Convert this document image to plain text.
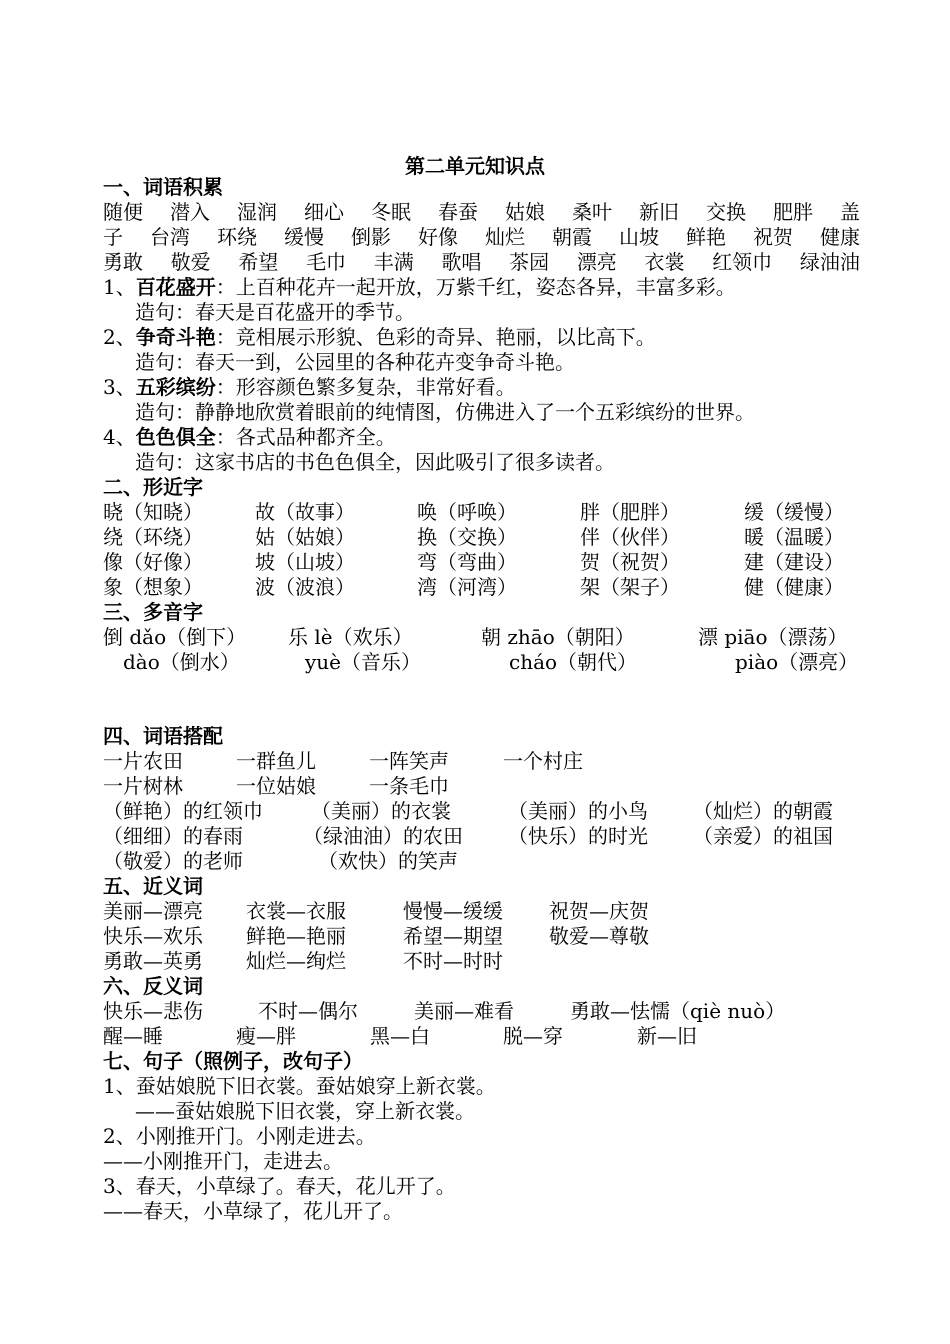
第二单元知识点
一、词语积累
随便 潜入 湿润 细心 冬眠 春蚕 姑娘 桑叶 新旧 交换 肥胖 盖
子 台湾 环绕 缓慢 倒影 好像 灿烂 朝霞 山坡 鲜艳 祝贺 健康
勇敢 敬爱 希望 毛巾 丰满 歌唱 茶园 漂亮 衣裳 红领巾 绿油油
1、百花盛开：上百种花卉一起开放，万紫千红，姿态各异，丰富多彩。
造句：春天是百花盛开的季节。
2、争奇斗艳：竞相展示形貌、色彩的奇异、艳丽，以比高下。
造句：春天一到，公园里的各种花卉变争奇斗艳。
3、五彩缤纷：形容颜色繁多复杂，非常好看。
造句：静静地欣赏着眼前的纯情图，仿佛进入了一个五彩缤纷的世界。
4、色色俱全：各式品种都齐全。
造句：这家书店的书色色俱全，因此吸引了很多读者。
二、形近字
晓（知晓）	故（故事）	唤（呼唤）	胖（肥胖）	缓（缓慢）
绕（环绕）	姑（姑娘）	换（交换）	伴（伙伴）	暖（温暖）
像（好像）	坡（山坡）	弯（弯曲）	贺（祝贺）	建（建设）
象（想象）	波（波浪）	湾（河湾）	架（架子）	健（健康）
三、多音字
倒 dǎo（倒下） 乐 lè（欢乐）	朝 zhāo（朝阳）	漂 piāo（漂荡）
dào（倒水）	yuè（音乐）	cháo（朝代）	piào（漂亮）
四、词语搭配
一片农田	一群鱼儿	一阵笑声	一个村庄
一片树林	一位姑娘	一条毛巾
（鲜艳）的红领巾 （美丽）的衣裳	（美丽）的小鸟 （灿烂）的朝霞
（细细）的春雨	（绿油油）的农田 （快乐）的时光 （亲爱）的祖国
（敬爱）的老师	（欢快）的笑声
五、近义词
美丽—漂亮 衣裳—衣服	慢慢—缓缓 祝贺—庆贺
快乐—欢乐 鲜艳—艳丽	希望—期望 敬爱—尊敬
勇敢—英勇 灿烂—绚烂	不时—时时
六、反义词
快乐—悲伤	不时—偶尔	美丽—难看	勇敢—怯懦（qiè nuò）
醒—睡	瘦—胖	黑—白	脱—穿	新—旧
七、句子（照例子，改句子）
1、蚕姑娘脱下旧衣裳。蚕姑娘穿上新衣裳。
——蚕姑娘脱下旧衣裳，穿上新衣裳。
2、小刚推开门。小刚走进去。
——小刚推开门，走进去。
3、春天，小草绿了。春天，花儿开了。
——春天，小草绿了，花儿开了。
